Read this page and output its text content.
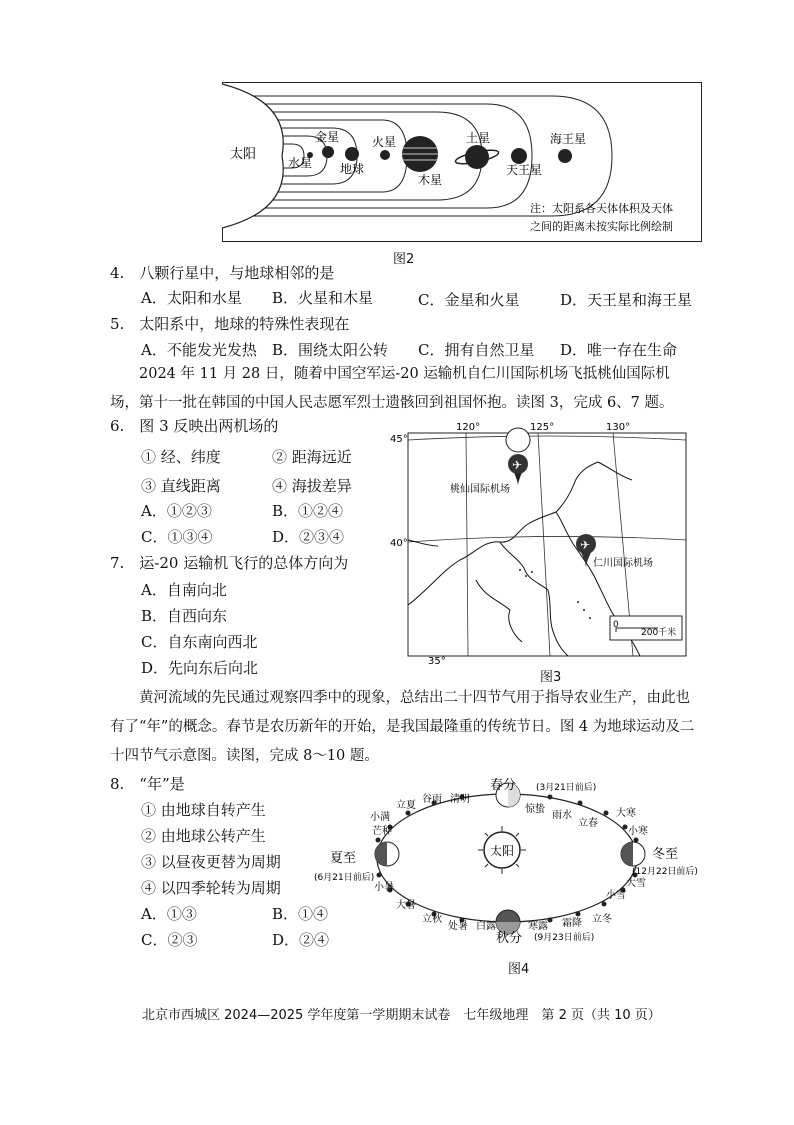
太阳
水星
金星
地球
火星
木星
土星
天王星
海王星
注：太阳系各天体体积及天体
之间的距离未按实际比例绘制
图2
4.　八颗行星中，与地球相邻的是
A．太阳和水星 B．火星和木星	C．金星和火星	D．天王星和海王星
5.　太阳系中，地球的特殊性表现在
A．不能发光发热 B．围绕太阳公转 C．拥有自然卫星 D．唯一存在生命
2024 年 11 月 28 日，随着中国空军运-20 运输机自仁川国际机场飞抵桃仙国际机场，第十一批在韩国的中国人民志愿军烈士遗骸回到祖国怀抱。读图 3，完成 6、7 题。
6.　图 3 反映出两机场的
① 经、纬度	② 距海远近
③ 直线距离	④ 海拔差异
A．①②③	B．①②④
C．①③④	D．②③④
7.　运-20 运输机飞行的总体方向为
A．自南向北
B．自西向东
C．自东南向西北
D．先向东后向北
45°
40°
35°
120°	125°	130°
✈
桃仙国际机场
✈
仁川国际机场
0
200千米
图3
黄河流域的先民通过观察四季中的现象，总结出二十四节气用于指导农业生产，由此也有了“年”的概念。春节是农历新年的开始，是我国最隆重的传统节日。图 4 为地球运动及二十四节气示意图。读图，完成 8～10 题。
8.　“年”是
① 由地球自转产生
② 由地球公转产生
③ 以昼夜更替为周期
④ 以四季轮转为周期
A．①③	B．①④
C．②③	D．②④
太阳
春分
夏至
秋分
冬至
(3月21日前后)
(6月21日前后)
(9月23日前后)
(12月22日前后)
惊蛰
雨水
立春
大寒
小寒
小雪
大雪
立冬
霜降
寒露
白露
处暑
立秋
大暑
小暑
芒种
小满
立夏
谷雨 清明
图4
北京市西城区 2024—2025 学年度第一学期期末试卷　七年级地理　第 2 页（共 10 页）
